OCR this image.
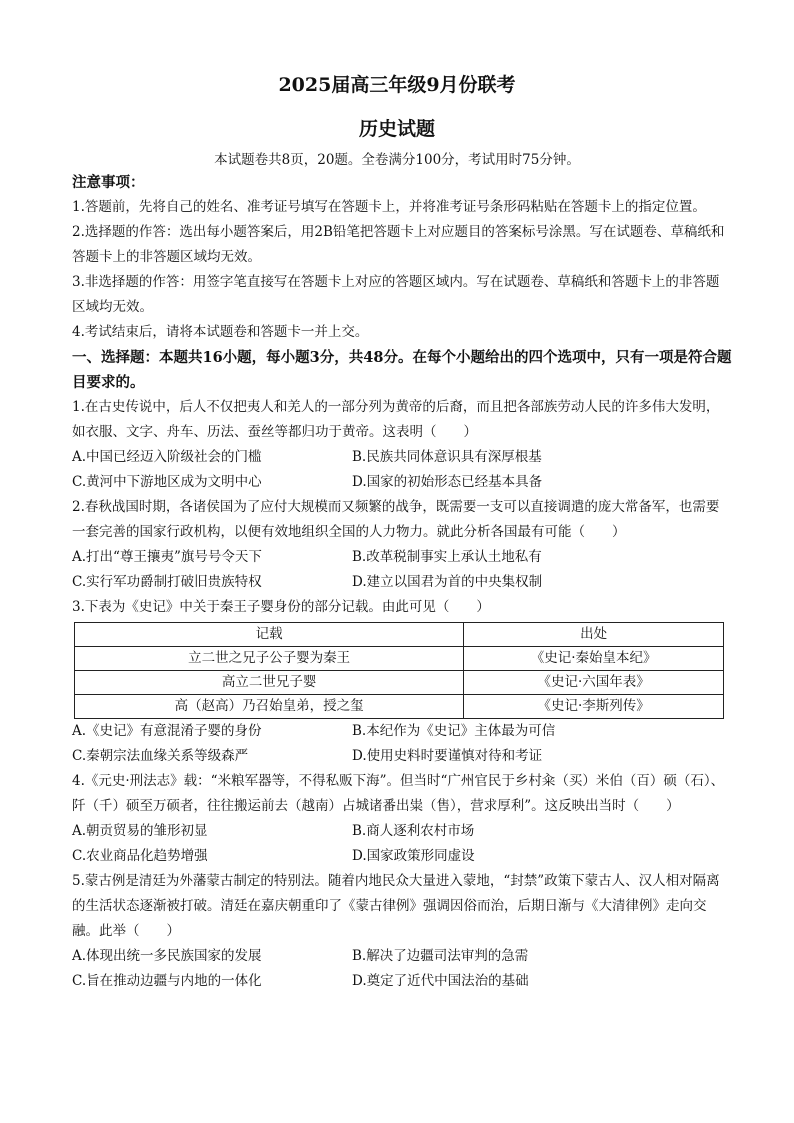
2025届高三年级9月份联考
历史试题
本试题卷共8页，20题。全卷满分100分，考试用时75分钟。

注意事项：

1.答题前，先将自己的姓名、准考证号填写在答题卡上，并将准考证号条形码粘贴在答题卡上的指定位置。

2.选择题的作答：选出每小题答案后，用2B铅笔把答题卡上对应题目的答案标号涂黑。写在试题卷、草稿纸和答题卡上的非答题区域均无效。

3.非选择题的作答：用签字笔直接写在答题卡上对应的答题区域内。写在试题卷、草稿纸和答题卡上的非答题区域均无效。

4.考试结束后，请将本试题卷和答题卡一并上交。

一、选择题：本题共16小题，每小题3分，共48分。在每个小题给出的四个选项中，只有一项是符合题目要求的。

1.在古史传说中，后人不仅把夷人和羌人的一部分列为黄帝的后裔，而且把各部族劳动人民的许多伟大发明，如衣服、文字、舟车、历法、蚕丝等都归功于黄帝。这表明（　　）

A.中国已经迈入阶级社会的门槛	B.民族共同体意识具有深厚根基
C.黄河中下游地区成为文明中心	D.国家的初始形态已经基本具备

2.春秋战国时期，各诸侯国为了应付大规模而又频繁的战争，既需要一支可以直接调遣的庞大常备军，也需要一套完善的国家行政机构，以便有效地组织全国的人力物力。就此分析各国最有可能（　　）

A.打出“尊王攘夷”旗号号令天下	B.改革税制事实上承认土地私有
C.实行军功爵制打破旧贵族特权	D.建立以国君为首的中央集权制

3.下表为《史记》中关于秦王子婴身份的部分记载。由此可见（　　）

记载	出处
立二世之兄子公子婴为秦王	《史记·秦始皇本纪》
高立二世兄子婴	《史记·六国年表》
高（赵高）乃召始皇弟，授之玺	《史记·李斯列传》
A.《史记》有意混淆子婴的身份	B.本纪作为《史记》主体最为可信
C.秦朝宗法血缘关系等级森严	D.使用史料时要谨慎对待和考证

4.《元史·刑法志》载：“米粮军器等，不得私贩下海”。但当时“广州官民于乡村籴（买）米伯（百）硕（石）、阡（千）硕至万硕者，往往搬运前去（越南）占城诸番出粜（售），营求厚利”。这反映出当时（　　）

A.朝贡贸易的雏形初显	B.商人逐利农村市场
C.农业商品化趋势增强	D.国家政策形同虚设

5.蒙古例是清廷为外藩蒙古制定的特别法。随着内地民众大量进入蒙地，“封禁”政策下蒙古人、汉人相对隔离的生活状态逐渐被打破。清廷在嘉庆朝重印了《蒙古律例》强调因俗而治，后期日渐与《大清律例》走向交融。此举（　　）

A.体现出统一多民族国家的发展	B.解决了边疆司法审判的急需
C.旨在推动边疆与内地的一体化	D.奠定了近代中国法治的基础
